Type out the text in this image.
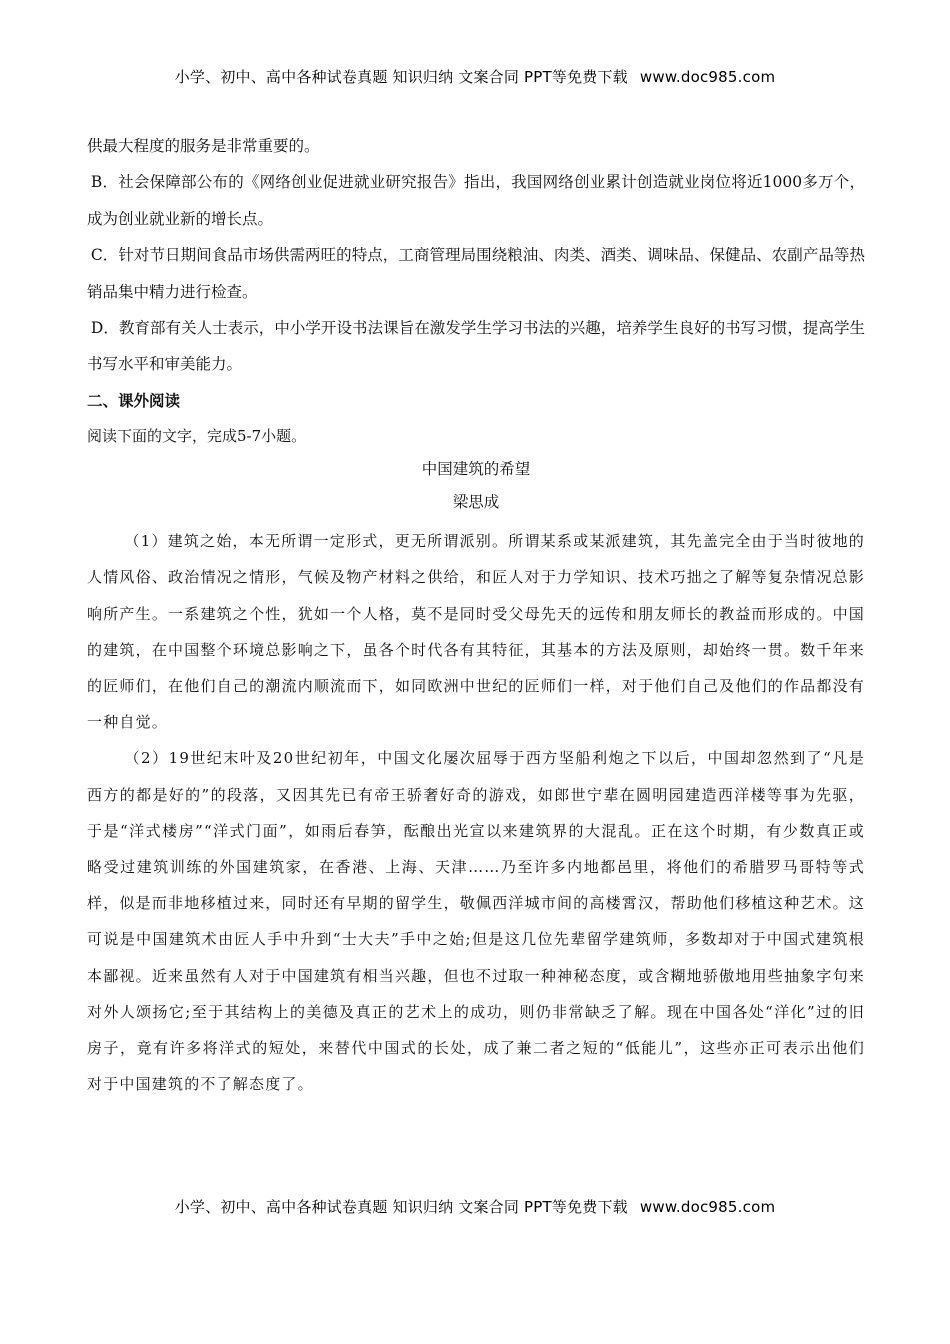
小学、初中、高中各种试卷真题 知识归纳 文案合同 PPT等免费下载 www.doc985.com

供最大程度的服务是非常重要的。

B．社会保障部公布的《网络创业促进就业研究报告》指出，我国网络创业累计创造就业岗位将近1000多万个，成为创业就业新的增长点。

C．针对节日期间食品市场供需两旺的特点，工商管理局围绕粮油、肉类、酒类、调味品、保健品、农副产品等热销品集中精力进行检查。

D．教育部有关人士表示，中小学开设书法课旨在激发学生学习书法的兴趣，培养学生良好的书写习惯，提高学生书写水平和审美能力。

二、课外阅读

阅读下面的文字，完成5-7小题。

中国建筑的希望

梁思成

（1）建筑之始，本无所谓一定形式，更无所谓派别。所谓某系或某派建筑，其先盖完全由于当时彼地的人情风俗、政治情况之情形，气候及物产材料之供给，和匠人对于力学知识、技术巧拙之了解等复杂情况总影响所产生。一系建筑之个性，犹如一个人格，莫不是同时受父母先天的远传和朋友师长的教益而形成的。中国的建筑，在中国整个环境总影响之下，虽各个时代各有其特征，其基本的方法及原则，却始终一贯。数千年来的匠师们，在他们自己的潮流内顺流而下，如同欧洲中世纪的匠师们一样，对于他们自己及他们的作品都没有一种自觉。

（2）19世纪末叶及20世纪初年，中国文化屡次屈辱于西方坚船利炮之下以后，中国却忽然到了“凡是西方的都是好的”的段落，又因其先已有帝王骄奢好奇的游戏，如郎世宁辈在圆明园建造西洋楼等事为先驱，于是“洋式楼房”“洋式门面”，如雨后春笋，酝酿出光宣以来建筑界的大混乱。正在这个时期，有少数真正或略受过建筑训练的外国建筑家，在香港、上海、天津……乃至许多内地都邑里，将他们的希腊罗马哥特等式样，似是而非地移植过来，同时还有早期的留学生，敬佩西洋城市间的高楼霄汉，帮助他们移植这种艺术。这可说是中国建筑术由匠人手中升到“士大夫”手中之始;但是这几位先辈留学建筑师，多数却对于中国式建筑根本鄙视。近来虽然有人对于中国建筑有相当兴趣，但也不过取一种神秘态度，或含糊地骄傲地用些抽象字句来对外人颂扬它;至于其结构上的美德及真正的艺术上的成功，则仍非常缺乏了解。现在中国各处“洋化”过的旧房子，竟有许多将洋式的短处，来替代中国式的长处，成了兼二者之短的“低能儿”，这些亦正可表示出他们对于中国建筑的不了解态度了。

小学、初中、高中各种试卷真题 知识归纳 文案合同 PPT等免费下载 www.doc985.com
